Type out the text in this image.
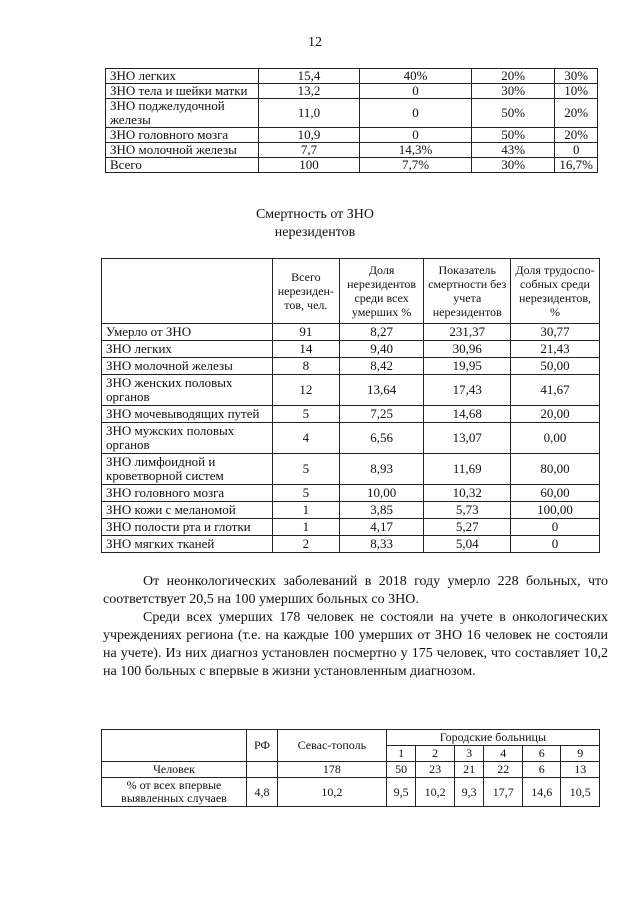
12
ЗНО легких	15,4	40%	20%	30%
ЗНО тела и шейки матки	13,2	0	30%	10%
ЗНО поджелудочной железы	11,0	0	50%	20%
ЗНО головного мозга	10,9	0	50%	20%
ЗНО молочной железы	7,7	14,3%	43%	0
Всего	100	7,7%	30%	16,7%
Смертность от ЗНО
нерезидентов
	Всего нерезиден-тов, чел.	Доля нерезидентов среди всех умерших %	Показатель смертности без учета нерезидентов	Доля трудоспо-собных среди нерезидентов, %
Умерло от ЗНО	91	8,27	231,37	30,77
ЗНО легких	14	9,40	30,96	21,43
ЗНО молочной железы	8	8,42	19,95	50,00
ЗНО женских половых органов	12	13,64	17,43	41,67
ЗНО мочевыводящих путей	5	7,25	14,68	20,00
ЗНО мужских половых органов	4	6,56	13,07	0,00
ЗНО лимфоидной и кроветворной систем	5	8,93	11,69	80,00
ЗНО головного мозга	5	10,00	10,32	60,00
ЗНО кожи с меланомой	1	3,85	5,73	100,00
ЗНО полости рта и глотки	1	4,17	5,27	0
ЗНО мягких тканей	2	8,33	5,04	0
От неонкологических заболеваний в 2018 году умерло 228 больных, что соответствует 20,5 на 100 умерших больных со ЗНО.
Среди всех умерших 178 человек не состояли на учете в онкологических учреждениях региона (т.е. на каждые 100 умерших от ЗНО 16 человек не состояли на учете). Из них диагноз установлен посмертно у 175 человек, что составляет 10,2 на 100 больных с впервые в жизни установленным диагнозом.
	РФ	Севас-тополь	Городские больницы					
			1	2	3	4	6	9
Человек		178	50	23	21	22	6	13
% от всех впервые выявленных случаев	4,8	10,2	9,5	10,2	9,3	17,7	14,6	10,5
